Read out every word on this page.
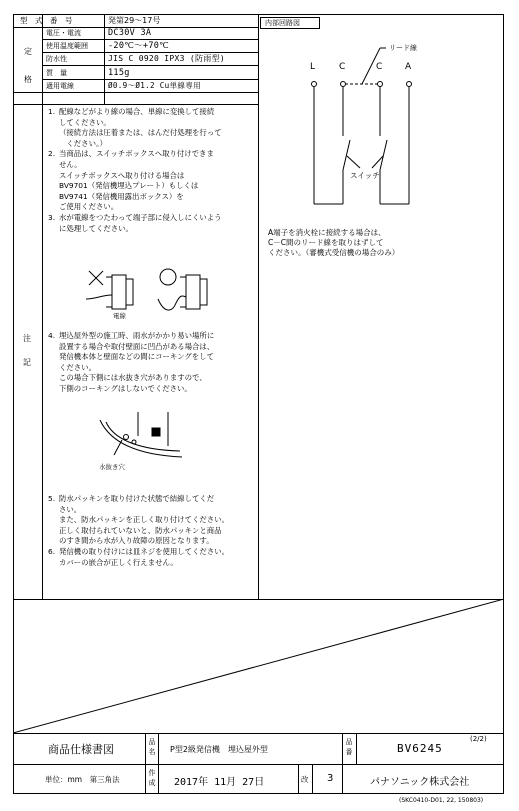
型　式　番　号	発第29～17号
定

格
電圧・電流	DC30V 3A
使用温度範囲 -20℃～+70℃
防水性	JIS C 0920 IPX3 (防雨型)
質　量	115g
適用電線	Ø0.9～Ø1.2 Cu単線専用
注

記
1. 配線などがより線の場合、単線に変換して接続
してください。
（接続方法は圧着または、はんだ付処理を行って
　ください。）
2. 当商品は、スイッチボックスへ取り付けできま
せん。
スイッチボックスへ取り付ける場合は
BV9701（発信機埋込プレート）もしくは
BV9741（発信機用露出ボックス）を
ご使用ください。
3. 水が電線をつたわって端子部に侵入しにくいよう
に処理してください。
4. 埋込屋外型の施工時、雨水がかかり易い場所に
設置する場合や取付壁面に凹凸がある場合は、
発信機本体と壁面などの間にコーキングをして
ください。
この場合下側には水抜き穴がありますので、
下側のコーキングはしないでください。
5. 防水パッキンを取り付けた状態で結線してくだ
さい。
また、防水パッキンを正しく取り付けてください。
正しく取付られていないと、防水パッキンと商品
のすき間から水が入り故障の原因となります。
6. 発信機の取り付けには皿ネジを使用してください。
カバーの嵌合が正しく行えません。
電線
水抜き穴
内部回路図
リード線
L	C	C	A
スイッチ
A端子を消火栓に接続する場合は、
C－C間のリード線を取りはずして
ください。（審機式受信機の場合のみ）
商品仕様書図
品名 P型2級発信機　埋込屋外型
品番	BV6245
(2/2)
単位：mm　第三角法
作成 2017年 11月 27日	改 3	パナソニック株式会社
(SKC0410-D01, 22, 150803)
